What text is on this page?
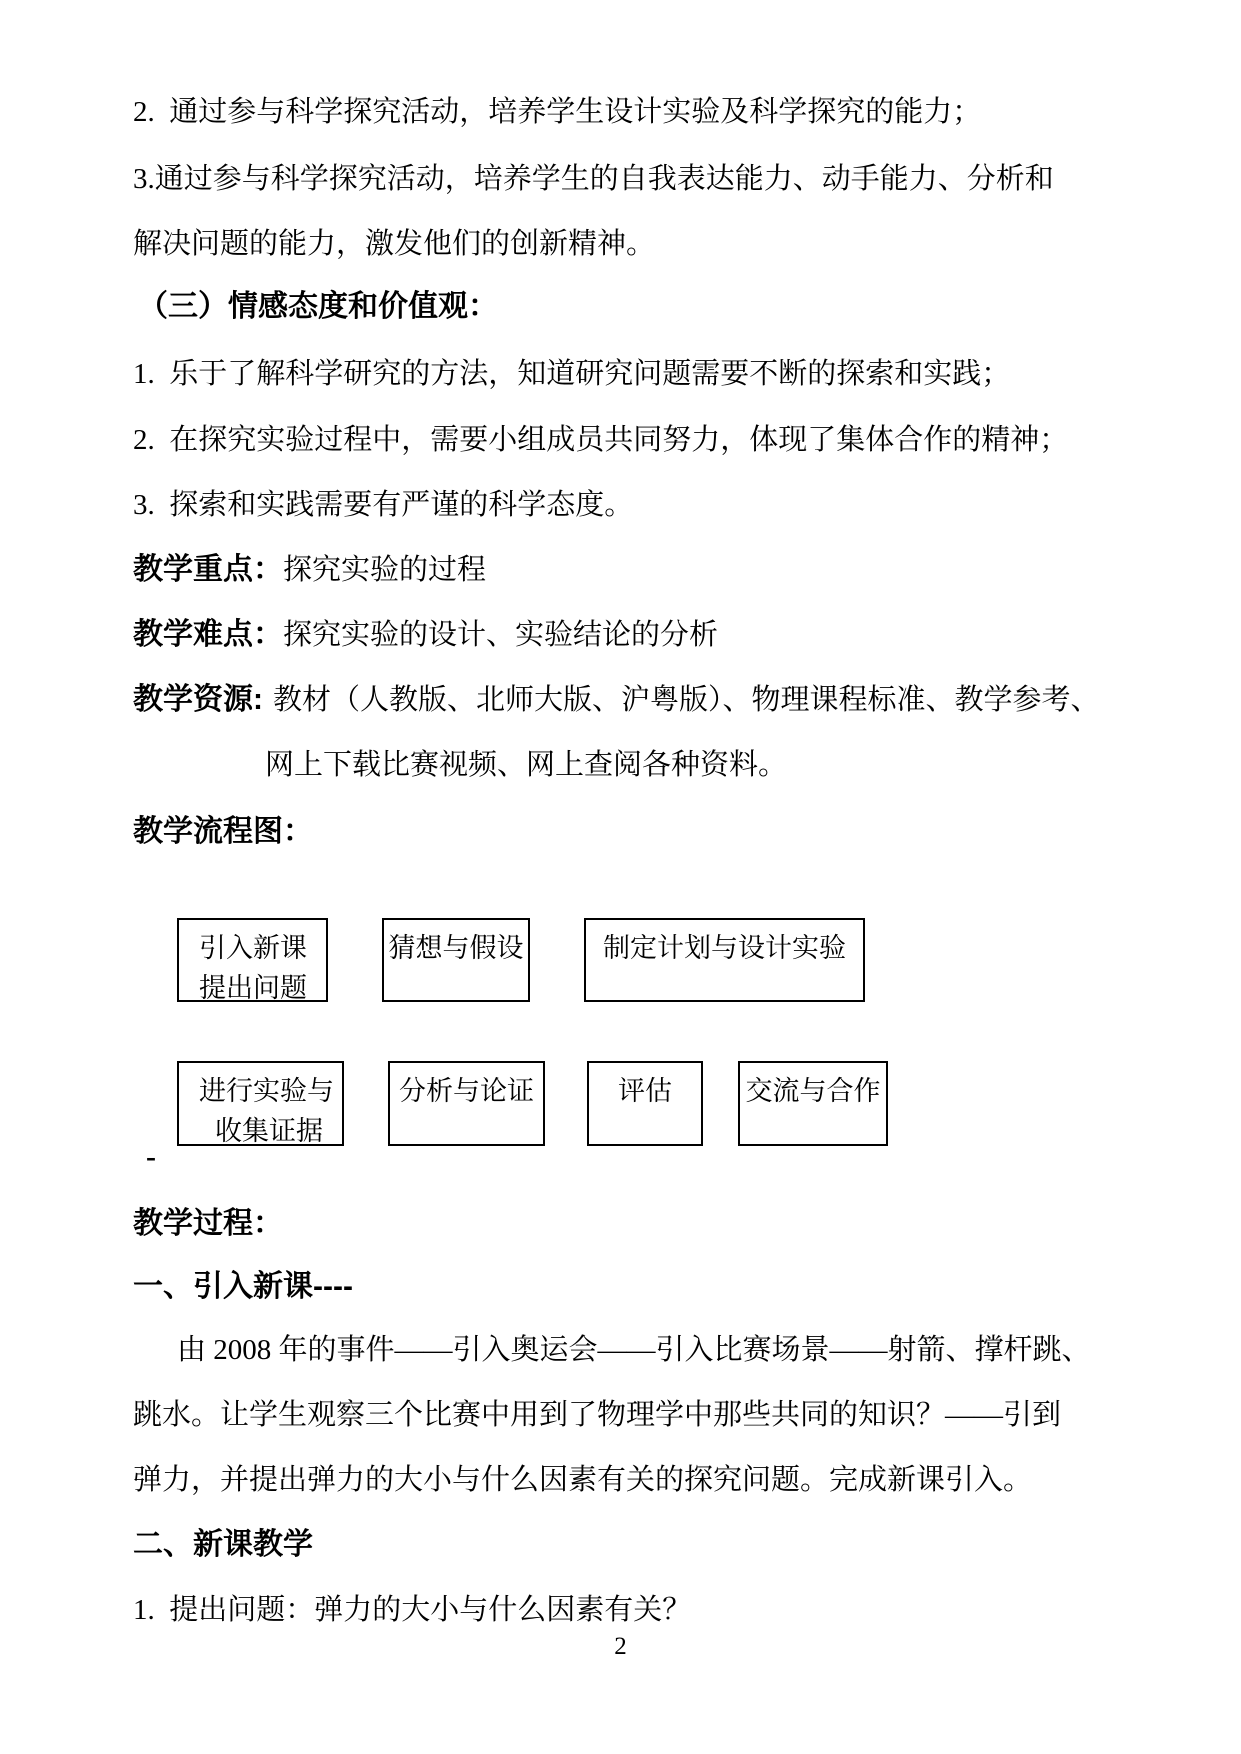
2.  通过参与科学探究活动，培养学生设计实验及科学探究的能力；
3.通过参与科学探究活动，培养学生的自我表达能力、动手能力、分析和
解决问题的能力，激发他们的创新精神。
（三）情感态度和价值观：
1.  乐于了解科学研究的方法，知道研究问题需要不断的探索和实践；
2.  在探究实验过程中，需要小组成员共同努力，体现了集体合作的精神；
3.  探索和实践需要有严谨的科学态度。
教学重点：探究实验的过程
教学难点：探究实验的设计、实验结论的分析
教学资源: 教材（人教版、北师大版、沪粤版）、物理课程标准、教学参考、
网上下载比赛视频、网上查阅各种资料。
教学流程图：
引入新课
提出问题
猜想与假设	制定计划与设计实验
进行实验与
收集证据
分析与论证	评估	交流与合作
-
教学过程：
一、引入新课----
由 2008 年的事件——引入奥运会——引入比赛场景——射箭、撑杆跳、
跳水。让学生观察三个比赛中用到了物理学中那些共同的知识？——引到
弹力，并提出弹力的大小与什么因素有关的探究问题。完成新课引入。
二、新课教学
1.  提出问题：弹力的大小与什么因素有关？
2
